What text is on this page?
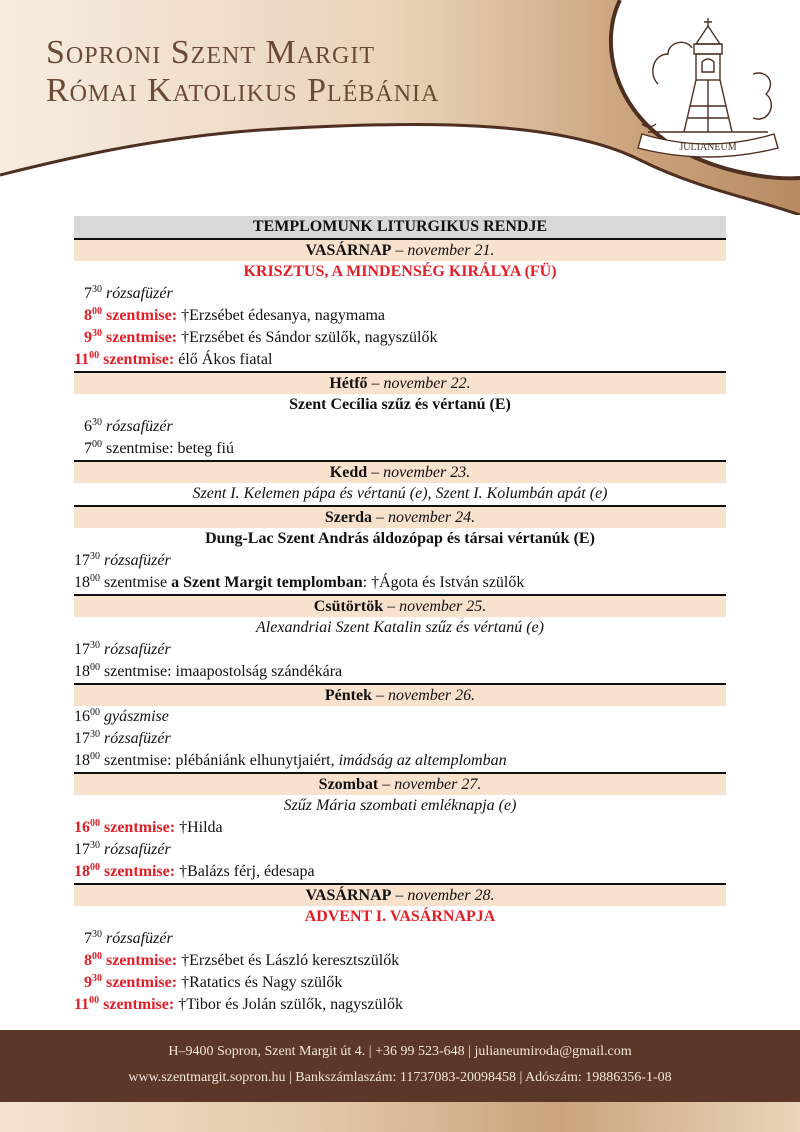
Soproni Szent Margit
Római Katolikus Plébánia
JULIANEUM
TEMPLOMUNK LITURGIKUS RENDJE
VASÁRNAP – november 21.
KRISZTUS, A MINDENSÉG KIRÁLYA (FÜ)
$7^{30}$ rózsafüzér
$8^{00}$ szentmise: †Erzsébet édesanya, nagymama
$9^{30}$ szentmise: †Erzsébet és Sándor szülők, nagyszülők
$11^{00}$ szentmise: élő Ákos fiatal
Hétfő – november 22.
Szent Cecília szűz és vértanú (E)
$6^{30}$ rózsafüzér
$7^{00}$ szentmise: beteg fiú
Kedd – november 23.
Szent I. Kelemen pápa és vértanú (e), Szent I. Kolumbán apát (e)
Szerda – november 24.
Dung-Lac Szent András áldozópap és társai vértanúk (E)
$17^{30}$ rózsafüzér
$18^{00}$ szentmise a Szent Margit templomban: †Ágota és István szülők
Csütörtök – november 25.
Alexandriai Szent Katalin szűz és vértanú (e)
$17^{30}$ rózsafüzér
$18^{00}$ szentmise: imaapostolság szándékára
Péntek – november 26.
$16^{00}$ gyászmise
$17^{30}$ rózsafüzér
$18^{00}$ szentmise: plébániánk elhunytjaiért, imádság az altemplomban
Szombat – november 27.
Szűz Mária szombati emléknapja (e)
$16^{00}$ szentmise: †Hilda
$17^{30}$ rózsafüzér
$18^{00}$ szentmise: †Balázs férj, édesapa
VASÁRNAP – november 28.
ADVENT I. VASÁRNAPJA
$7^{30}$ rózsafüzér
$8^{00}$ szentmise: †Erzsébet és László keresztszülők
$9^{30}$ szentmise: †Ratatics és Nagy szülők
$11^{00}$ szentmise: †Tibor és Jolán szülők, nagyszülők
H–9400 Sopron, Szent Margit út 4. | +36 99 523-648 | julianeumiroda@gmail.com
www.szentmargit.sopron.hu | Bankszámlaszám: 11737083-20098458 | Adószám: 19886356-1-08
